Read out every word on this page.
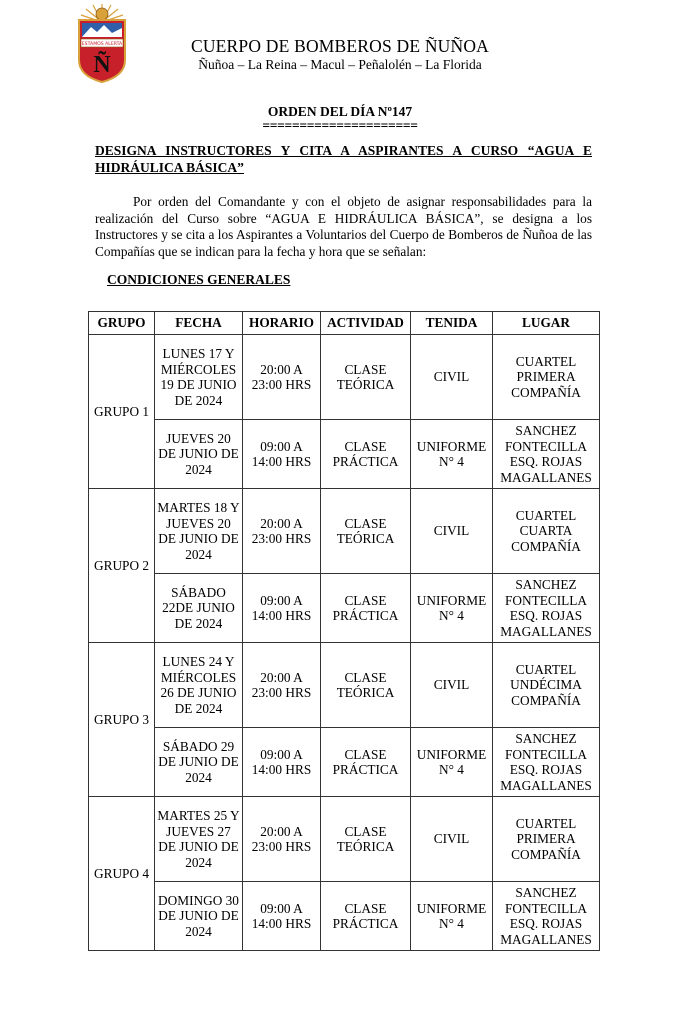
ESTAMOS ALERTA
Ñ
CUERPO DE BOMBEROS DE ÑUÑOA
Ñuñoa – La Reina – Macul – Peñalolén – La Florida
ORDEN DEL DÍA Nº147
=====================
DESIGNA INSTRUCTORES Y CITA A ASPIRANTES A CURSO “AGUA E HIDRÁULICA BÁSICA”

Por orden del Comandante y con el objeto de asignar responsabilidades para la realización del Curso sobre “AGUA E HIDRÁULICA BÁSICA”, se designa a los Instructores y se cita a los Aspirantes a Voluntarios del Cuerpo de Bomberos de Ñuñoa de las Compañías que se indican para la fecha y hora que se señalan:

CONDICIONES GENERALES
GRUPO	FECHA	HORARIO	ACTIVIDAD	TENIDA	LUGAR
GRUPO 1	LUNES 17 Y MIÉRCOLES 19 DE JUNIO DE 2024	20:00 A 23:00 HRS	CLASE TEÓRICA	CIVIL	CUARTEL PRIMERA COMPAÑÍA
	JUEVES 20 DE JUNIO DE 2024	09:00 A 14:00 HRS	CLASE PRÁCTICA	UNIFORME N° 4	SANCHEZ FONTECILLA ESQ. ROJAS MAGALLANES
GRUPO 2	MARTES 18 Y JUEVES 20 DE JUNIO DE 2024	20:00 A 23:00 HRS	CLASE TEÓRICA	CIVIL	CUARTEL CUARTA COMPAÑÍA
	SÁBADO 22DE JUNIO DE 2024	09:00 A 14:00 HRS	CLASE PRÁCTICA	UNIFORME N° 4	SANCHEZ FONTECILLA ESQ. ROJAS MAGALLANES
GRUPO 3	LUNES 24 Y MIÉRCOLES 26 DE JUNIO DE 2024	20:00 A 23:00 HRS	CLASE TEÓRICA	CIVIL	CUARTEL UNDÉCIMA COMPAÑÍA
	SÁBADO 29 DE JUNIO DE 2024	09:00 A 14:00 HRS	CLASE PRÁCTICA	UNIFORME N° 4	SANCHEZ FONTECILLA ESQ. ROJAS MAGALLANES
GRUPO 4	MARTES 25 Y JUEVES 27 DE JUNIO DE 2024	20:00 A 23:00 HRS	CLASE TEÓRICA	CIVIL	CUARTEL PRIMERA COMPAÑÍA
	DOMINGO 30 DE JUNIO DE 2024	09:00 A 14:00 HRS	CLASE PRÁCTICA	UNIFORME N° 4	SANCHEZ FONTECILLA ESQ. ROJAS MAGALLANES
